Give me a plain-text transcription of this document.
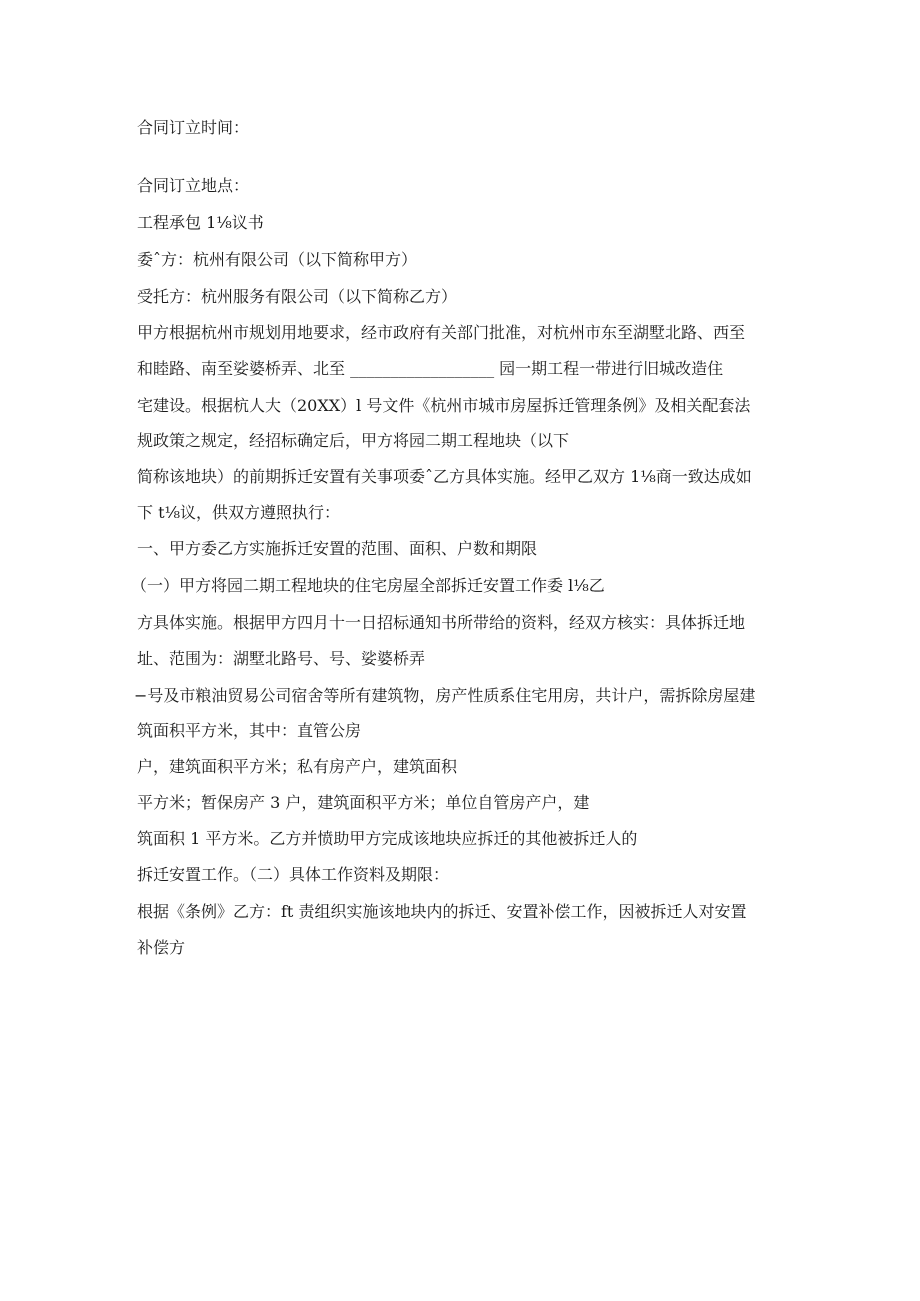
合同订立时间：

合同订立地点：

工程承包 1⅛议书

委ˆ方：杭州有限公司（以下简称甲方）

受托方：杭州服务有限公司（以下简称乙方）

甲方根据杭州市规划用地要求，经市政府有关部门批准，对杭州市东至湖墅北路、西至

和睦路、南至娑婆桥弄、北至 __________________ 园一期工程一带进行旧城改造住

宅建设。根据杭人大（20XX）l 号文件《杭州市城市房屋拆迁管理条例》及相关配套法

规政策之规定，经招标确定后，甲方将园二期工程地块（以下

简称该地块）的前期拆迁安置有关事项委ˆ乙方具体实施。经甲乙双方 1⅛商一致达成如

下 t⅛议，供双方遵照执行：

一、甲方委乙方实施拆迁安置的范围、面积、户数和期限

（一）甲方将园二期工程地块的住宅房屋全部拆迁安置工作委 l⅛乙

方具体实施。根据甲方四月十一日招标通知书所带给的资料，经双方核实：具体拆迁地

址、范围为：湖墅北路号、号、娑婆桥弄

−号及市粮油贸易公司宿舍等所有建筑物，房产性质系住宅用房，共计户，需拆除房屋建

筑面积平方米，其中：直管公房

户，建筑面积平方米；私有房产户，建筑面积

平方米；暂保房产 3 户，建筑面积平方米；单位自管房产户，建

筑面积 1 平方米。乙方并愤助甲方完成该地块应拆迁的其他被拆迁人的

拆迁安置工作。（二）具体工作资料及期限：

根据《条例》乙方：ft 责组织实施该地块内的拆迁、安置补偿工作，因被拆迁人对安置

补偿方
